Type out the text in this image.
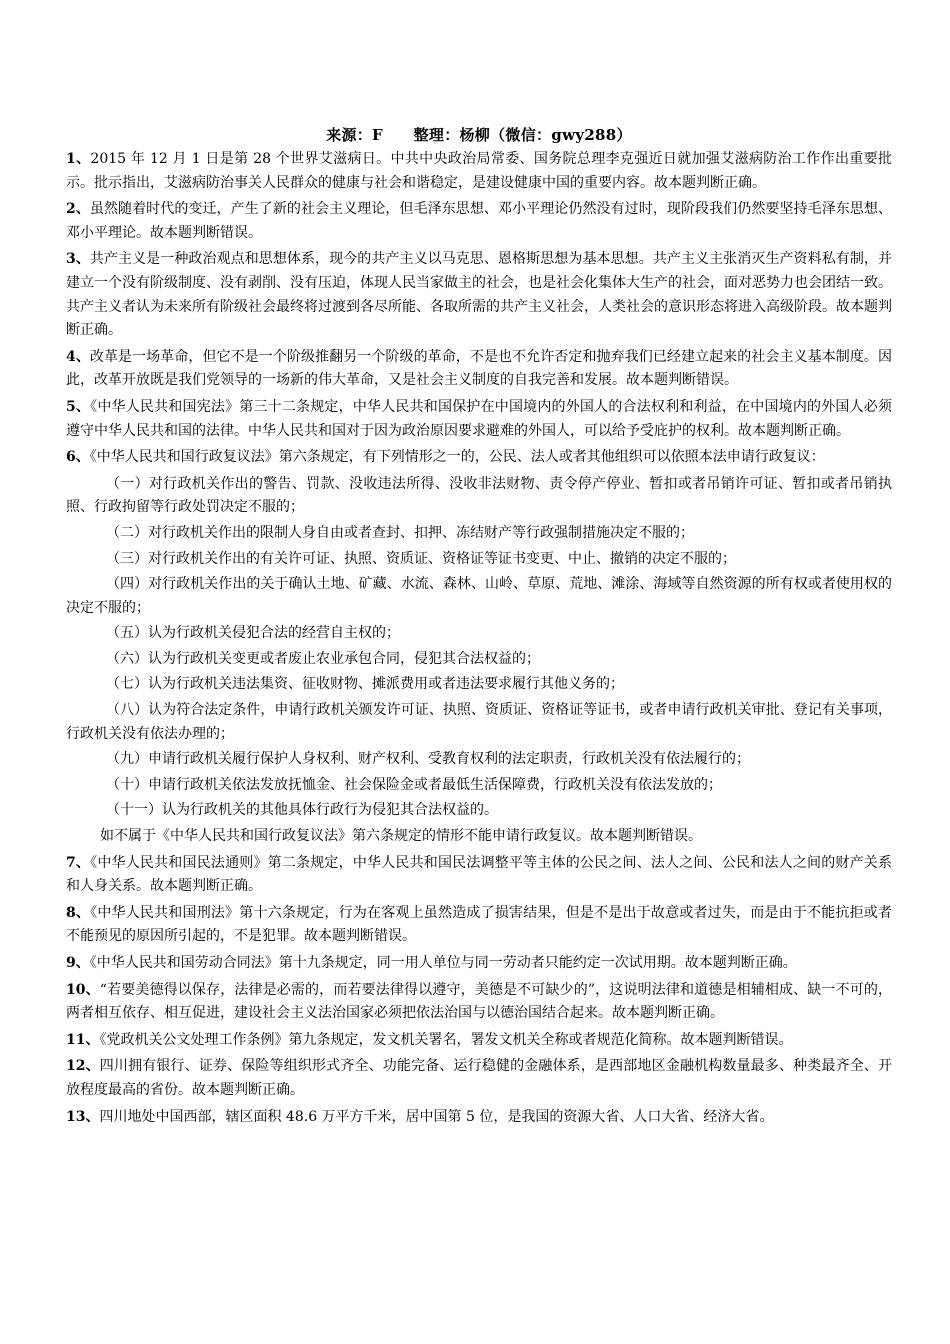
来源：F　　整理：杨柳（微信：gwy288）

1、2015 年 12 月 1 日是第 28 个世界艾滋病日。中共中央政治局常委、国务院总理李克强近日就加强艾滋病防治工作作出重要批示。批示指出，艾滋病防治事关人民群众的健康与社会和谐稳定，是建设健康中国的重要内容。故本题判断正确。

2、虽然随着时代的变迁，产生了新的社会主义理论，但毛泽东思想、邓小平理论仍然没有过时，现阶段我们仍然要坚持毛泽东思想、邓小平理论。故本题判断错误。

3、共产主义是一种政治观点和思想体系，现今的共产主义以马克思、恩格斯思想为基本思想。共产主义主张消灭生产资料私有制，并建立一个没有阶级制度、没有剥削、没有压迫，体现人民当家做主的社会，也是社会化集体大生产的社会，面对恶势力也会团结一致。共产主义者认为未来所有阶级社会最终将过渡到各尽所能、各取所需的共产主义社会，人类社会的意识形态将进入高级阶段。故本题判断正确。

4、改革是一场革命，但它不是一个阶级推翻另一个阶级的革命，不是也不允许否定和抛弃我们已经建立起来的社会主义基本制度。因此，改革开放既是我们党领导的一场新的伟大革命，又是社会主义制度的自我完善和发展。故本题判断错误。

5、《中华人民共和国宪法》第三十二条规定，中华人民共和国保护在中国境内的外国人的合法权利和利益，在中国境内的外国人必须遵守中华人民共和国的法律。中华人民共和国对于因为政治原因要求避难的外国人，可以给予受庇护的权利。故本题判断正确。

6、《中华人民共和国行政复议法》第六条规定，有下列情形之一的，公民、法人或者其他组织可以依照本法申请行政复议：

（一）对行政机关作出的警告、罚款、没收违法所得、没收非法财物、责令停产停业、暂扣或者吊销许可证、暂扣或者吊销执照、行政拘留等行政处罚决定不服的；

（二）对行政机关作出的限制人身自由或者查封、扣押、冻结财产等行政强制措施决定不服的；

（三）对行政机关作出的有关许可证、执照、资质证、资格证等证书变更、中止、撤销的决定不服的；

（四）对行政机关作出的关于确认土地、矿藏、水流、森林、山岭、草原、荒地、滩涂、海域等自然资源的所有权或者使用权的决定不服的；

（五）认为行政机关侵犯合法的经营自主权的；

（六）认为行政机关变更或者废止农业承包合同，侵犯其合法权益的；

（七）认为行政机关违法集资、征收财物、摊派费用或者违法要求履行其他义务的；

（八）认为符合法定条件，申请行政机关颁发许可证、执照、资质证、资格证等证书，或者申请行政机关审批、登记有关事项，行政机关没有依法办理的；

（九）申请行政机关履行保护人身权利、财产权利、受教育权利的法定职责，行政机关没有依法履行的；

（十）申请行政机关依法发放抚恤金、社会保险金或者最低生活保障费，行政机关没有依法发放的；

（十一）认为行政机关的其他具体行政行为侵犯其合法权益的。

如不属于《中华人民共和国行政复议法》第六条规定的情形不能申请行政复议。故本题判断错误。

7、《中华人民共和国民法通则》第二条规定，中华人民共和国民法调整平等主体的公民之间、法人之间、公民和法人之间的财产关系和人身关系。故本题判断正确。

8、《中华人民共和国刑法》第十六条规定，行为在客观上虽然造成了损害结果，但是不是出于故意或者过失，而是由于不能抗拒或者不能预见的原因所引起的，不是犯罪。故本题判断错误。

9、《中华人民共和国劳动合同法》第十九条规定，同一用人单位与同一劳动者只能约定一次试用期。故本题判断正确。

10、“若要美德得以保存，法律是必需的，而若要法律得以遵守，美德是不可缺少的”，这说明法律和道德是相辅相成、缺一不可的，两者相互依存、相互促进，建设社会主义法治国家必须把依法治国与以德治国结合起来。故本题判断正确。

11、《党政机关公文处理工作条例》第九条规定，发文机关署名，署发文机关全称或者规范化简称。故本题判断错误。

12、四川拥有银行、证券、保险等组织形式齐全、功能完备、运行稳健的金融体系，是西部地区金融机构数量最多、种类最齐全、开放程度最高的省份。故本题判断正确。

13、四川地处中国西部，辖区面积 48.6 万平方千米，居中国第 5 位，是我国的资源大省、人口大省、经济大省。
